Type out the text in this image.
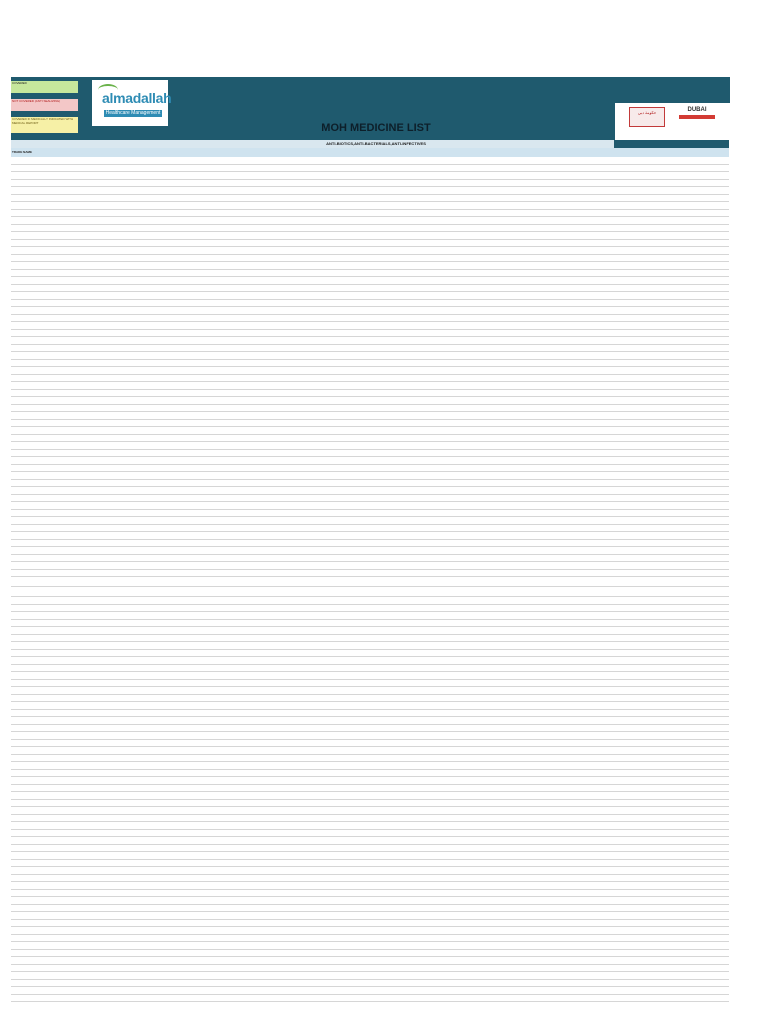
COVERED
NOT COVERED (ANTI SEALIZING)
COVERED IF MEDICALLY INDICATED WITH MEDICAL REPORT
almadallah
Healthcare Management
MOH MEDICINE LIST
حكومة دبي	DUBAI
ANTI-BIOTICS,ANTI-BACTERIALS,ANTI-INFECTIVES
TRADE NAME
